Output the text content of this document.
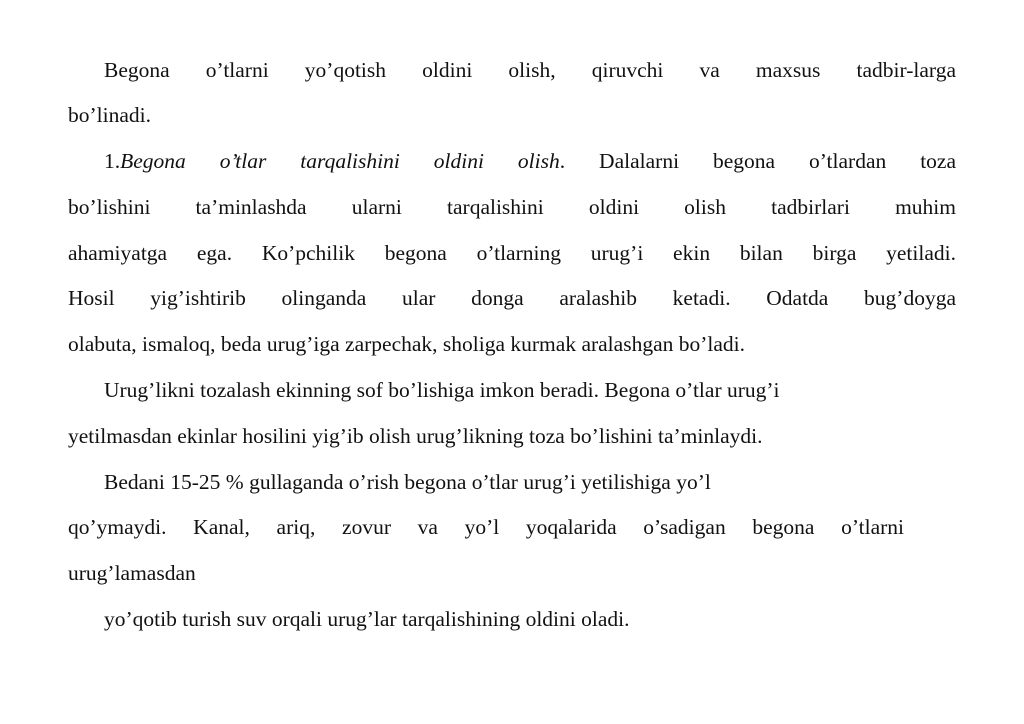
Begona o’tlarni yo’qotish oldini olish, qiruvchi va maxsus tadbir-larga
bo’linadi.
1.Begona o’tlar tarqalishini oldini olish. Dalalarni begona o’tlardan toza
bo’lishini ta’minlashda ularni tarqalishini oldini olish tadbirlari muhim
ahamiyatga ega. Ko’pchilik begona o’tlarning urug’i ekin bilan birga yetiladi.
Hosil yig’ishtirib olinganda ular donga aralashib ketadi. Odatda bug’doyga
olabuta, ismaloq, beda urug’iga zarpechak, sholiga kurmak aralashgan bo’ladi.
Urug’likni tozalash ekinning sof bo’lishiga imkon beradi. Begona o’tlar urug’i
yetilmasdan ekinlar hosilini yig’ib olish urug’likning toza bo’lishini ta’minlaydi.
Bedani 15-25 % gullaganda o’rish begona o’tlar urug’i yetilishiga yo’l
qo’ymaydi. Kanal, ariq, zovur va yo’l yoqalarida o’sadigan begona o’tlarni
urug’lamasdan
yo’qotib turish suv orqali urug’lar tarqalishining oldini oladi.
